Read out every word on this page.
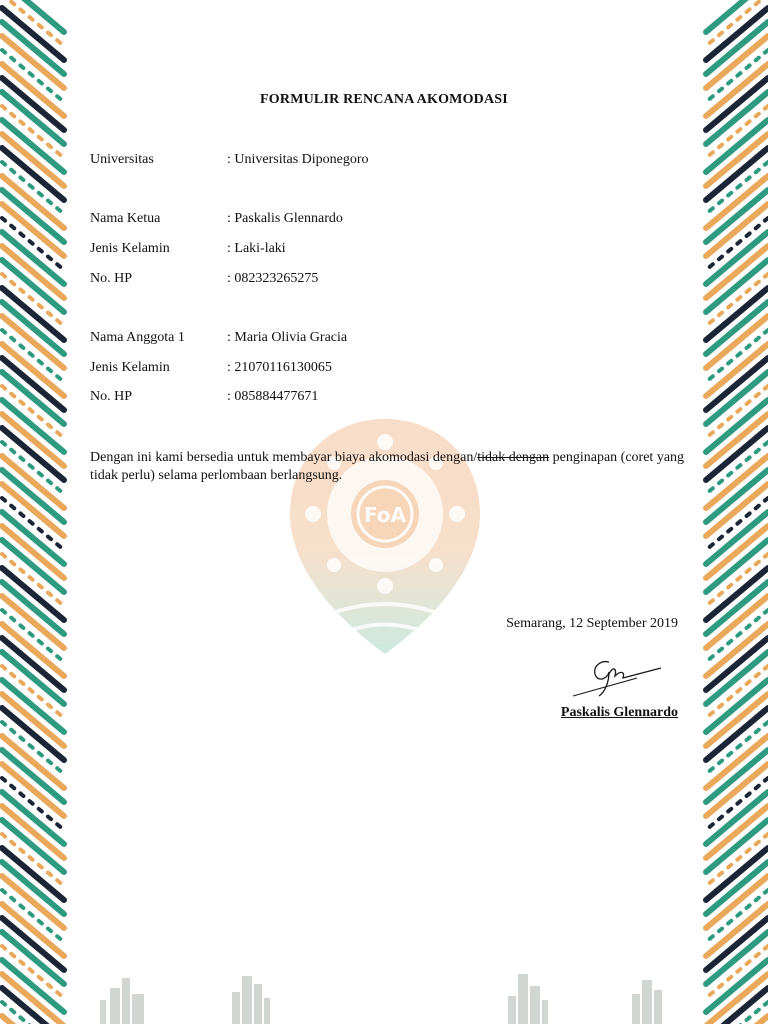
FoA
FORMULIR RENCANA AKOMODASI
Universitas	: Universitas Diponegoro
Nama Ketua	: Paskalis Glennardo
Jenis Kelamin	: Laki-laki
No. HP	: 082323265275
Nama Anggota 1	: Maria Olivia Gracia
Jenis Kelamin	: 21070116130065
No. HP	: 085884477671
Dengan ini kami bersedia untuk membayar biaya akomodasi dengan/tidak dengan penginapan (coret yang tidak perlu) selama perlombaan berlangsung.
Semarang, 12 September 2019
Paskalis Glennardo
